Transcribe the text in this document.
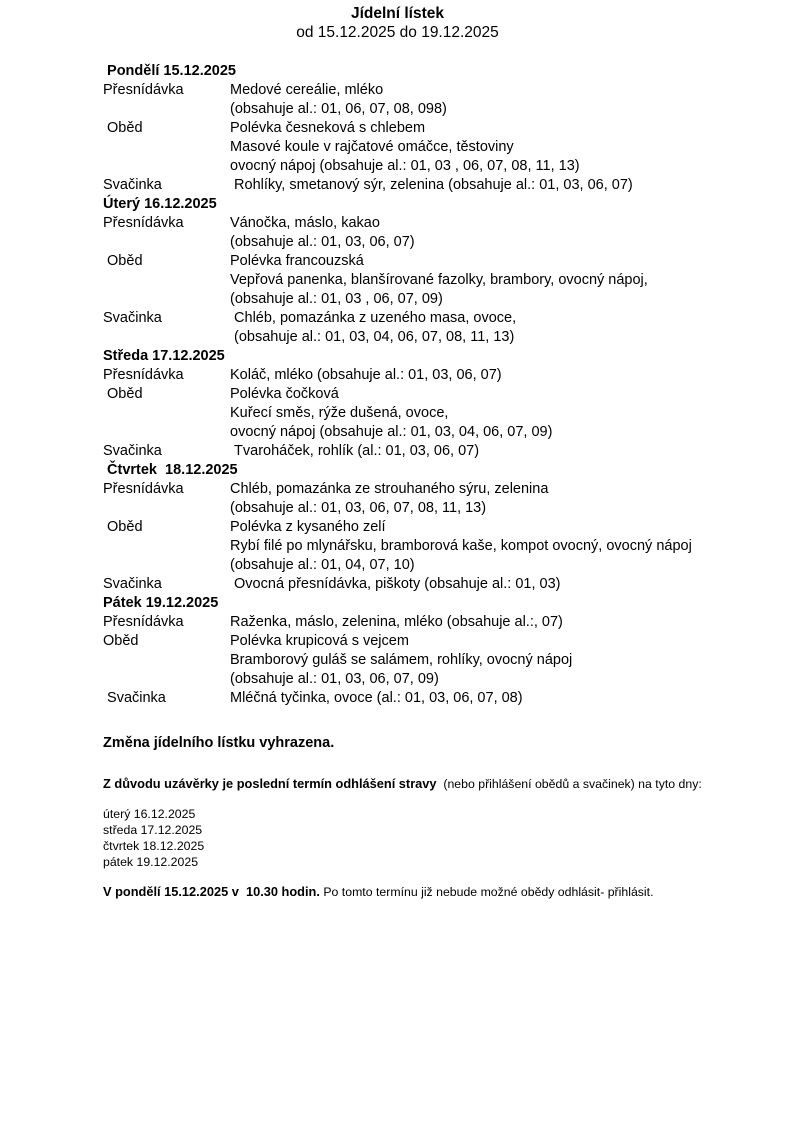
Jídelní lístek
od 15.12.2025 do 19.12.2025
Pondělí 15.12.2025
Přesnídávka	Medové cereálie, mléko
(obsahuje al.: 01, 06, 07, 08, 098)
Oběd	Polévka česneková s chlebem
Masové koule v rajčatové omáčce, těstoviny
ovocný nápoj (obsahuje al.: 01, 03 , 06, 07, 08, 11, 13)
Svačinka	Rohlíky, smetanový sýr, zelenina (obsahuje al.: 01, 03, 06, 07)
Úterý 16.12.2025
Přesnídávka	Vánočka, máslo, kakao
(obsahuje al.: 01, 03, 06, 07)
Oběd	Polévka francouzská
Vepřová panenka, blanšírované fazolky, brambory, ovocný nápoj,
(obsahuje al.: 01, 03 , 06, 07, 09)
Svačinka	Chléb, pomazánka z uzeného masa, ovoce,
(obsahuje al.: 01, 03, 04, 06, 07, 08, 11, 13)
Středa 17.12.2025
Přesnídávka	Koláč, mléko (obsahuje al.: 01, 03, 06, 07)
Oběd	Polévka čočková
Kuřecí směs, rýže dušená, ovoce,
ovocný nápoj (obsahuje al.: 01, 03, 04, 06, 07, 09)
Svačinka	Tvaroháček, rohlík (al.: 01, 03, 06, 07)
Čtvrtek  18.12.2025
Přesnídávka	Chléb, pomazánka ze strouhaného sýru, zelenina
(obsahuje al.: 01, 03, 06, 07, 08, 11, 13)
Oběd	Polévka z kysaného zelí
Rybí filé po mlynářsku, bramborová kaše, kompot ovocný, ovocný nápoj
(obsahuje al.: 01, 04, 07, 10)
Svačinka	Ovocná přesnídávka, piškoty (obsahuje al.: 01, 03)
Pátek 19.12.2025
Přesnídávka	Raženka, máslo, zelenina, mléko (obsahuje al.:, 07)
Oběd	Polévka krupicová s vejcem
Bramborový guláš se salámem, rohlíky, ovocný nápoj
(obsahuje al.: 01, 03, 06, 07, 09)
Svačinka	Mléčná tyčinka, ovoce (al.: 01, 03, 06, 07, 08)
Změna jídelního lístku vyhrazena.
Z důvodu uzávěrky je poslední termín odhlášení stravy  (nebo přihlášení obědů a svačinek) na tyto dny:
úterý 16.12.2025
středa 17.12.2025
čtvrtek 18.12.2025
pátek 19.12.2025
V pondělí 15.12.2025 v  10.30 hodin. Po tomto termínu již nebude možné obědy odhlásit- přihlásit.
